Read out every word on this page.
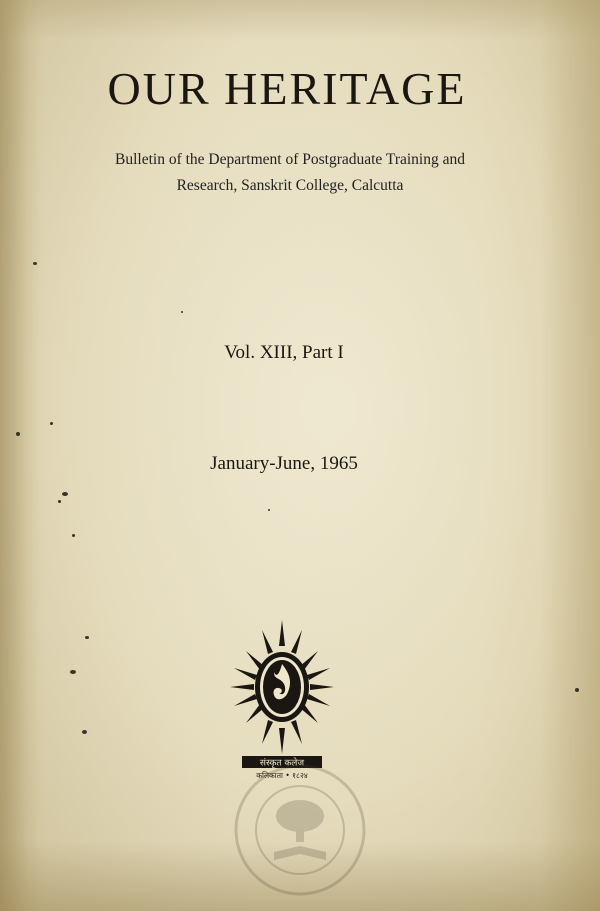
OUR HERITAGE
Bulletin of the Department of Postgraduate Training and
Research, Sanskrit College, Calcutta
Vol. XIII, Part I
January-June, 1965
संस्कृत कलेज
कलिकाता • १८२४
